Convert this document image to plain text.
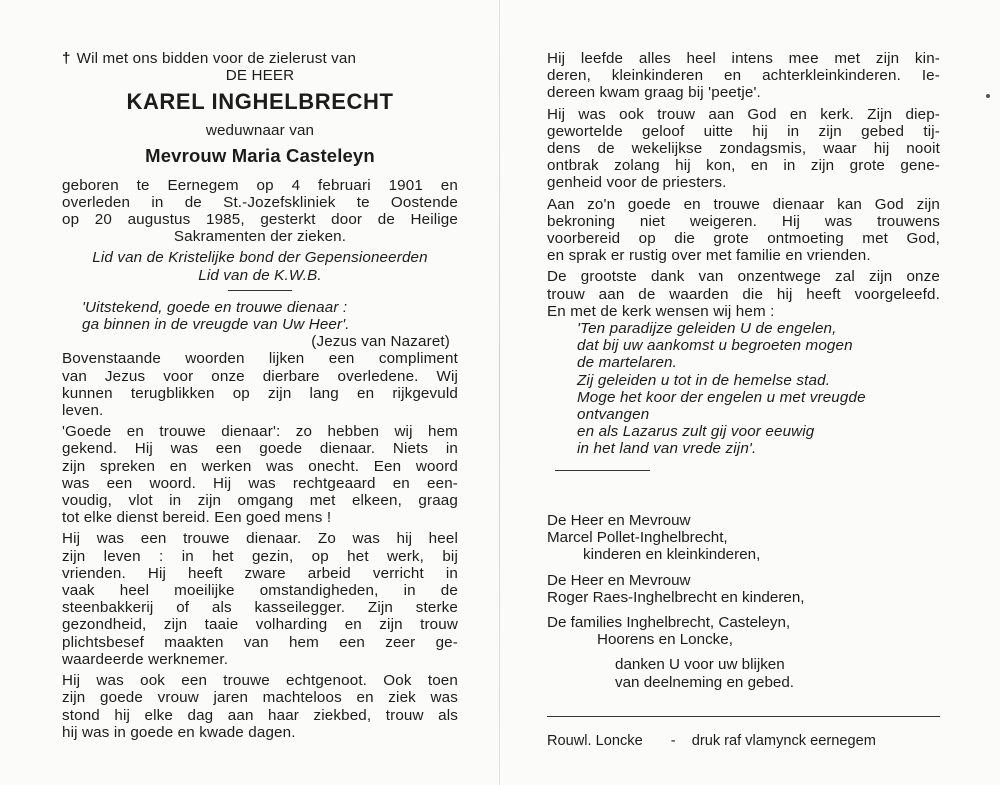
† Wil met ons bidden voor de zielerust van
DE HEER
KAREL INGHELBRECHT
weduwnaar van
Mevrouw Maria Casteleyn
geboren te Eernegem op 4 februari 1901 en
overleden in de St.-Jozefskliniek te Oostende
op 20 augustus 1985, gesterkt door de Heilige
Sakramenten der zieken.
Lid van de Kristelijke bond der Gepensioneerden
Lid van de K.W.B.
'Uitstekend, goede en trouwe dienaar :
ga binnen in de vreugde van Uw Heer'.
(Jezus van Nazaret)
Bovenstaande woorden lijken een compliment
van Jezus voor onze dierbare overledene. Wij
kunnen terugblikken op zijn lang en rijkgevuld
leven.
'Goede en trouwe dienaar': zo hebben wij hem
gekend. Hij was een goede dienaar. Niets in
zijn spreken en werken was onecht. Een woord
was een woord. Hij was rechtgeaard en een-
voudig, vlot in zijn omgang met elkeen, graag
tot elke dienst bereid. Een goed mens !
Hij was een trouwe dienaar. Zo was hij heel
zijn leven : in het gezin, op het werk, bij
vrienden. Hij heeft zware arbeid verricht in
vaak heel moeilijke omstandigheden, in de
steenbakkerij of als kasseilegger. Zijn sterke
gezondheid, zijn taaie volharding en zijn trouw
plichtsbesef maakten van hem een zeer ge-
waardeerde werknemer.
Hij was ook een trouwe echtgenoot. Ook toen
zijn goede vrouw jaren machteloos en ziek was
stond hij elke dag aan haar ziekbed, trouw als
hij was in goede en kwade dagen.
Hij leefde alles heel intens mee met zijn kin-
deren, kleinkinderen en achterkleinkinderen. Ie-
dereen kwam graag bij 'peetje'.
Hij was ook trouw aan God en kerk. Zijn diep-
gewortelde geloof uitte hij in zijn gebed tij-
dens de wekelijkse zondagsmis, waar hij nooit
ontbrak zolang hij kon, en in zijn grote gene-
genheid voor de priesters.
Aan zo'n goede en trouwe dienaar kan God zijn
bekroning niet weigeren. Hij was trouwens
voorbereid op die grote ontmoeting met God,
en sprak er rustig over met familie en vrienden.
De grootste dank van onzentwege zal zijn onze
trouw aan de waarden die hij heeft voorgeleefd.
En met de kerk wensen wij hem :
'Ten paradijze geleiden U de engelen,
dat bij uw aankomst u begroeten mogen
de martelaren.
Zij geleiden u tot in de hemelse stad.
Moge het koor der engelen u met vreugde
ontvangen
en als Lazarus zult gij voor eeuwig
in het land van vrede zijn'.
De Heer en Mevrouw
Marcel Pollet-Inghelbrecht,
kinderen en kleinkinderen,
De Heer en Mevrouw
Roger Raes-Inghelbrecht en kinderen,
De families Inghelbrecht, Casteleyn,
Hoorens en Loncke,
danken U voor uw blijken
van deelneming en gebed.
Rouwl. Loncke - druk raf vlamynck eernegem
